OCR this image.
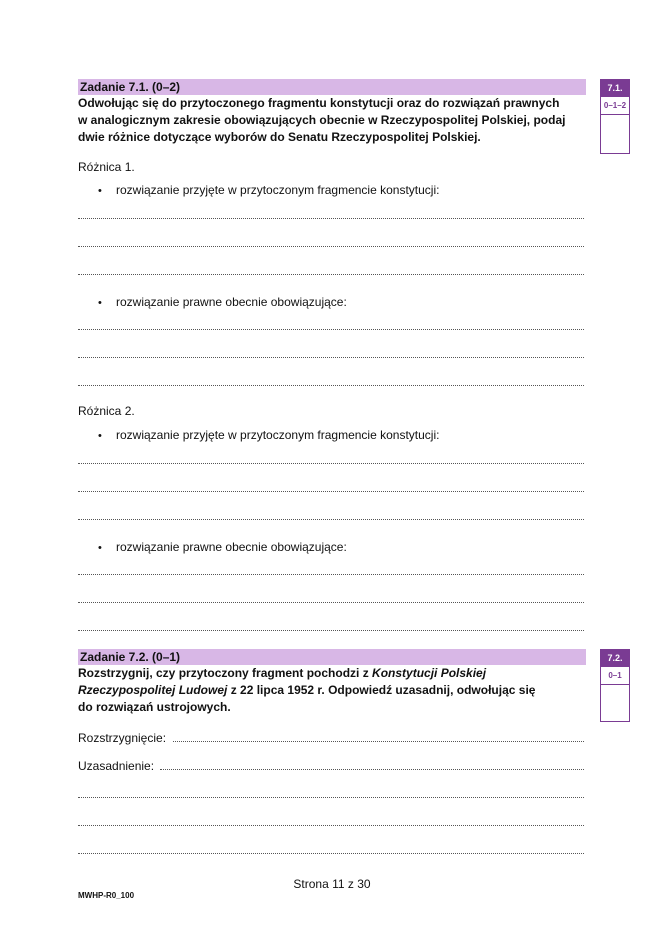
Zadanie 7.1. (0–2)
Odwołując się do przytoczonego fragmentu konstytucji oraz do rozwiązań prawnych
w analogicznym zakresie obowiązujących obecnie w Rzeczypospolitej Polskiej, podaj
dwie różnice dotyczące wyborów do Senatu Rzeczypospolitej Polskiej.
7.1.
0–1–2
Różnica 1.
• rozwiązanie przyjęte w przytoczonym fragmencie konstytucji:
• rozwiązanie prawne obecnie obowiązujące:
Różnica 2.
• rozwiązanie przyjęte w przytoczonym fragmencie konstytucji:
• rozwiązanie prawne obecnie obowiązujące:
Zadanie 7.2. (0–1)
Rozstrzygnij, czy przytoczony fragment pochodzi z Konstytucji Polskiej
Rzeczypospolitej Ludowej z 22 lipca 1952 r. Odpowiedź uzasadnij, odwołując się
do rozwiązań ustrojowych.
7.2.
0–1
Rozstrzygnięcie:
Uzasadnienie:
Strona 11 z 30
MWHP-R0_100
